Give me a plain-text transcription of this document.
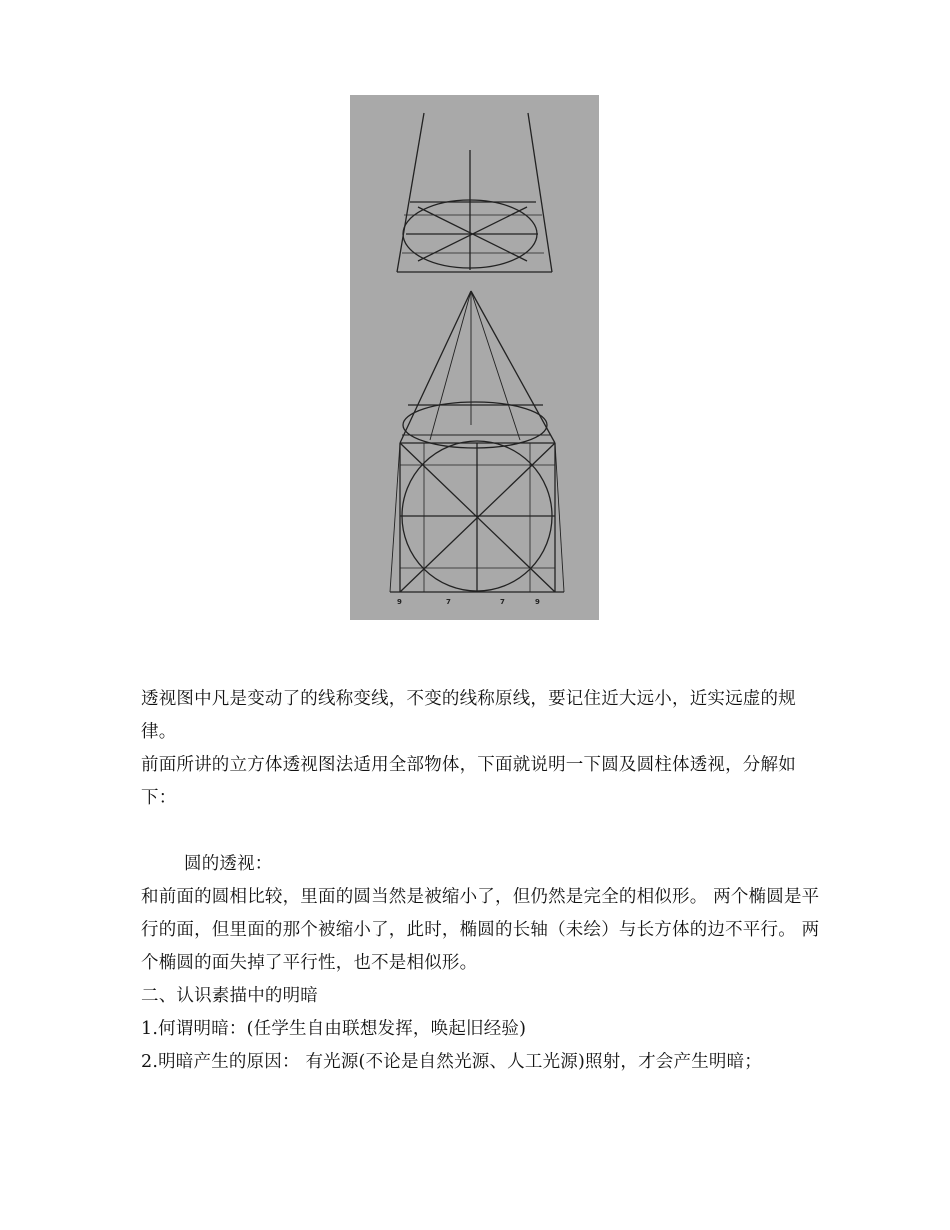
9	7	7	9

透视图中凡是变动了的线称变线，不变的线称原线，要记住近大远小，近实远虚的规律。

前面所讲的立方体透视图法适用全部物体，下面就说明一下圆及圆柱体透视，分解如下：

圆的透视：

和前面的圆相比较，里面的圆当然是被缩小了，但仍然是完全的相似形。 两个椭圆是平行的面，但里面的那个被缩小了，此时，椭圆的长轴（未绘）与长方体的边不平行。 两个椭圆的面失掉了平行性，也不是相似形。

二、认识素描中的明暗

1.何谓明暗：(任学生自由联想发挥，唤起旧经验)

2.明暗产生的原因： 有光源(不论是自然光源、人工光源)照射，才会产生明暗；
